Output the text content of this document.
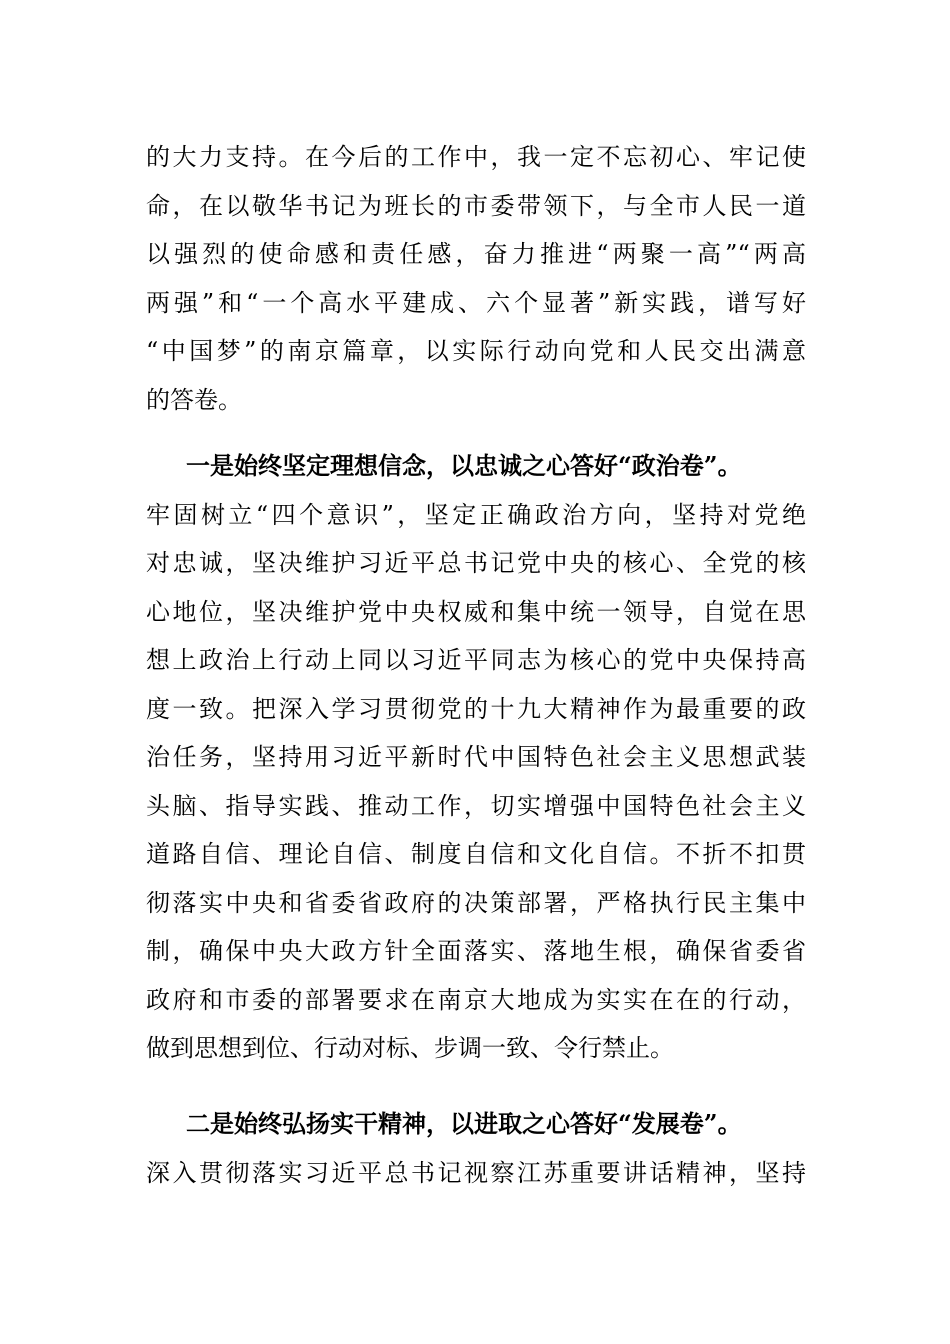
的大力支持。在今后的工作中，我一定不忘初心、牢记使
命，在以敬华书记为班长的市委带领下，与全市人民一道
以强烈的使命感和责任感，奋力推进“两聚一高”“两高
两强”和“一个高水平建成、六个显著”新实践，谱写好
“中国梦”的南京篇章，以实际行动向党和人民交出满意
的答卷。
一是始终坚定理想信念，以忠诚之心答好“政治卷”。
牢固树立“四个意识”，坚定正确政治方向，坚持对党绝
对忠诚，坚决维护习近平总书记党中央的核心、全党的核
心地位，坚决维护党中央权威和集中统一领导，自觉在思
想上政治上行动上同以习近平同志为核心的党中央保持高
度一致。把深入学习贯彻党的十九大精神作为最重要的政
治任务，坚持用习近平新时代中国特色社会主义思想武装
头脑、指导实践、推动工作，切实增强中国特色社会主义
道路自信、理论自信、制度自信和文化自信。不折不扣贯
彻落实中央和省委省政府的决策部署，严格执行民主集中
制，确保中央大政方针全面落实、落地生根，确保省委省
政府和市委的部署要求在南京大地成为实实在在的行动，
做到思想到位、行动对标、步调一致、令行禁止。
二是始终弘扬实干精神，以进取之心答好“发展卷”。
深入贯彻落实习近平总书记视察江苏重要讲话精神，坚持
